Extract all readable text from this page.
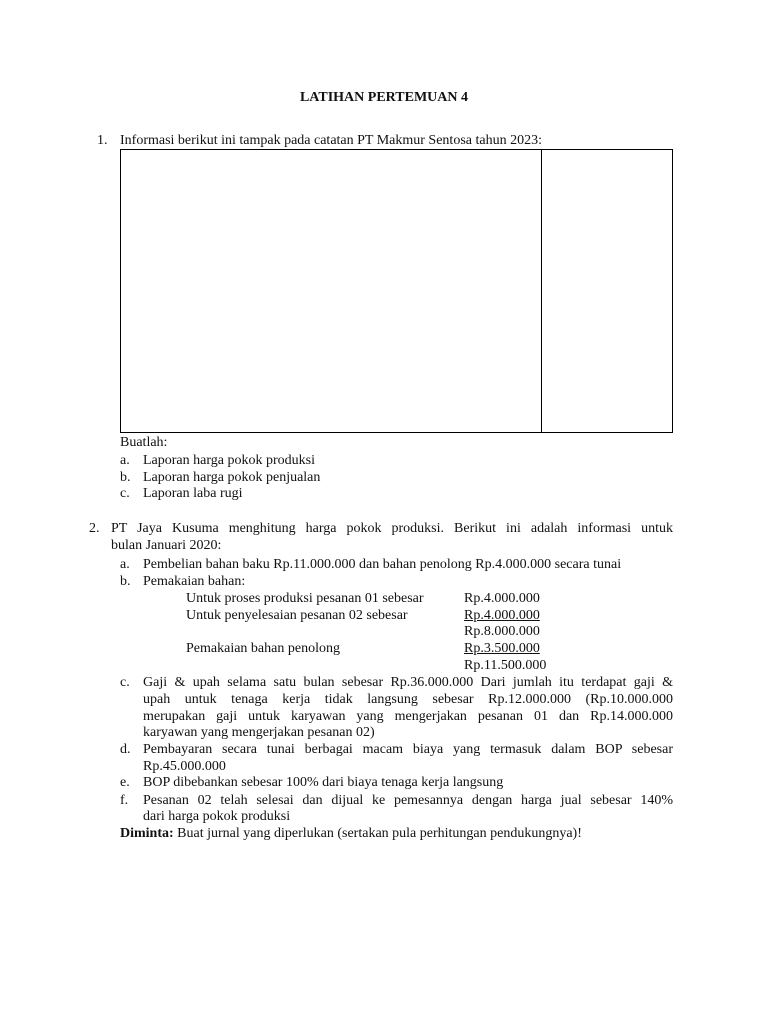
LATIHAN PERTEMUAN 4
1. Informasi berikut ini tampak pada catatan PT Makmur Sentosa tahun 2023:
Buatlah:
a. Laporan harga pokok produksi
b. Laporan harga pokok penjualan
c. Laporan laba rugi
2. PT Jaya Kusuma menghitung harga pokok produksi. Berikut ini adalah informasi untuk
bulan Januari 2020:
a. Pembelian bahan baku Rp.11.000.000 dan bahan penolong Rp.4.000.000 secara tunai
b. Pemakaian bahan:
Untuk proses produksi pesanan 01 sebesar	Rp.4.000.000
Untuk penyelesaian pesanan 02 sebesar	Rp.4.000.000
Rp.8.000.000
Pemakaian bahan penolong	Rp.3.500.000
Rp.11.500.000
c. Gaji & upah selama satu bulan sebesar Rp.36.000.000 Dari jumlah itu terdapat gaji &
upah untuk tenaga kerja tidak langsung sebesar Rp.12.000.000 (Rp.10.000.000
merupakan gaji untuk karyawan yang mengerjakan pesanan 01 dan Rp.14.000.000
karyawan yang mengerjakan pesanan 02)
d. Pembayaran secara tunai berbagai macam biaya yang termasuk dalam BOP sebesar
Rp.45.000.000
e. BOP dibebankan sebesar 100% dari biaya tenaga kerja langsung
f. Pesanan 02 telah selesai dan dijual ke pemesannya dengan harga jual sebesar 140%
dari harga pokok produksi
Diminta: Buat jurnal yang diperlukan (sertakan pula perhitungan pendukungnya)!
